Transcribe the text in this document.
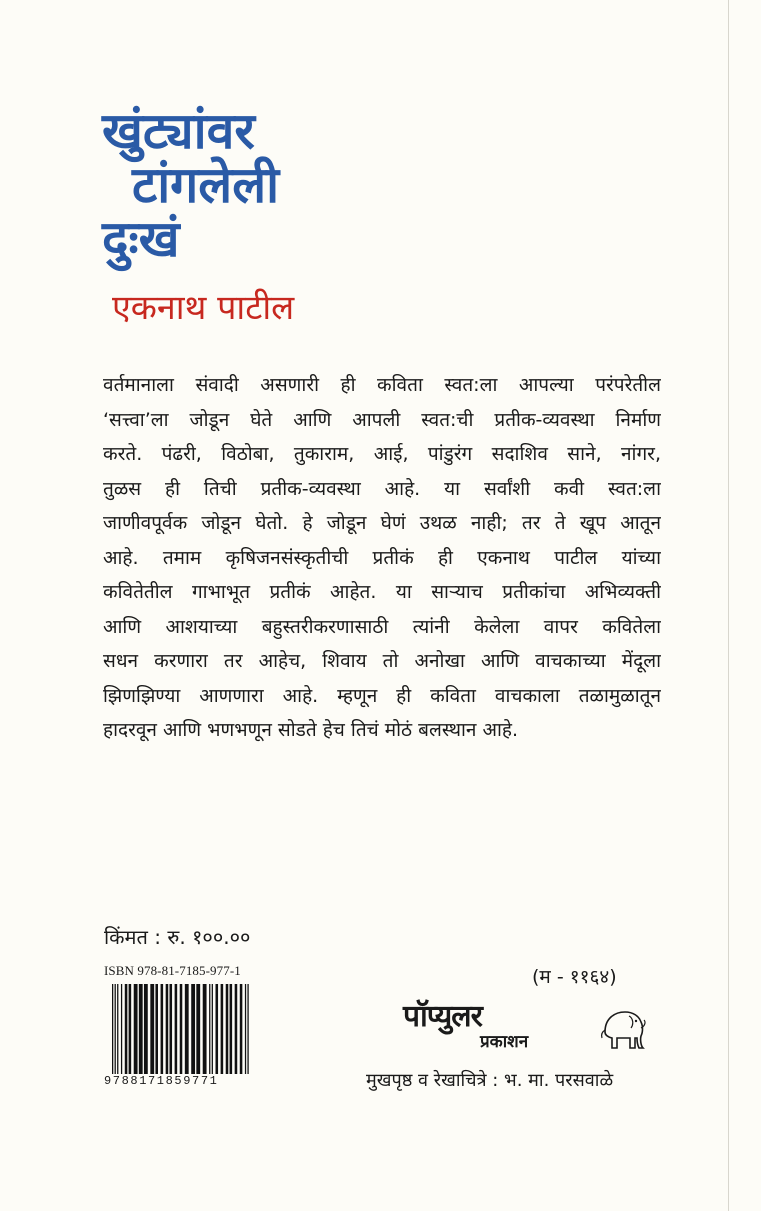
खुंट्यांवर
टांगलेली
दुःखं
एकनाथ पाटील
वर्तमानाला संवादी असणारी ही कविता स्वत:ला आपल्या परंपरेतील
‘सत्त्वा’ला जोडून घेते आणि आपली स्वत:ची प्रतीक-व्यवस्था निर्माण
करते. पंढरी, विठोबा, तुकाराम, आई, पांडुरंग सदाशिव साने, नांगर,
तुळस ही तिची प्रतीक-व्यवस्था आहे. या सर्वांशी कवी स्वत:ला
जाणीवपूर्वक जोडून घेतो. हे जोडून घेणं उथळ नाही; तर ते खूप आतून
आहे. तमाम कृषिजनसंस्कृतीची प्रतीकं ही एकनाथ पाटील यांच्या
कवितेतील गाभाभूत प्रतीकं आहेत. या साऱ्याच प्रतीकांचा अभिव्यक्ती
आणि आशयाच्या बहुस्तरीकरणासाठी त्यांनी केलेला वापर कवितेला
सधन करणारा तर आहेच, शिवाय तो अनोखा आणि वाचकाच्या मेंदूला
झिणझिण्या आणणारा आहे. म्हणून ही कविता वाचकाला तळामुळातून
हादरवून आणि भणभणून सोडते हेच तिचं मोठं बलस्थान आहे.
किंमत : रु. १००.००
ISBN 978-81-7185-977-1
9788171859771
(म - ११६४)
पॉप्युलर
प्रकाशन
मुखपृष्ठ व रेखाचित्रे : भ. मा. परसवाळे
